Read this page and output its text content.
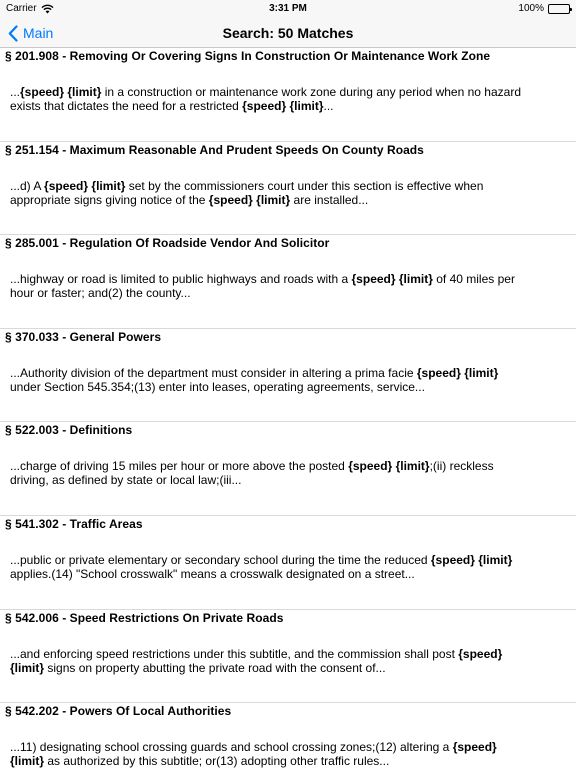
Carrier	3:31 PM	100%
Main	Search: 50 Matches
§ 201.908 - Removing Or Covering Signs In Construction Or Maintenance Work Zone
...{speed} {limit} in a construction or maintenance work zone during any period when no hazard
exists that dictates the need for a restricted {speed} {limit}...
§ 251.154 - Maximum Reasonable And Prudent Speeds On County Roads
...d) A {speed} {limit} set by the commissioners court under this section is effective when
appropriate signs giving notice of the {speed} {limit} are installed...
§ 285.001 - Regulation Of Roadside Vendor And Solicitor
...highway or road is limited to public highways and roads with a {speed} {limit} of 40 miles per
hour or faster; and(2) the county...
§ 370.033 - General Powers
...Authority division of the department must consider in altering a prima facie {speed} {limit}
under Section 545.354;(13) enter into leases, operating agreements, service...
§ 522.003 - Definitions
...charge of driving 15 miles per hour or more above the posted {speed} {limit};(ii) reckless
driving, as defined by state or local law;(iii...
§ 541.302 - Traffic Areas
...public or private elementary or secondary school during the time the reduced {speed} {limit}
applies.(14) "School crosswalk" means a crosswalk designated on a street...
§ 542.006 - Speed Restrictions On Private Roads
...and enforcing speed restrictions under this subtitle, and the commission shall post {speed}
{limit} signs on property abutting the private road with the consent of...
§ 542.202 - Powers Of Local Authorities
...11) designating school crossing guards and school crossing zones;(12) altering a {speed}
{limit} as authorized by this subtitle; or(13) adopting other traffic rules...
